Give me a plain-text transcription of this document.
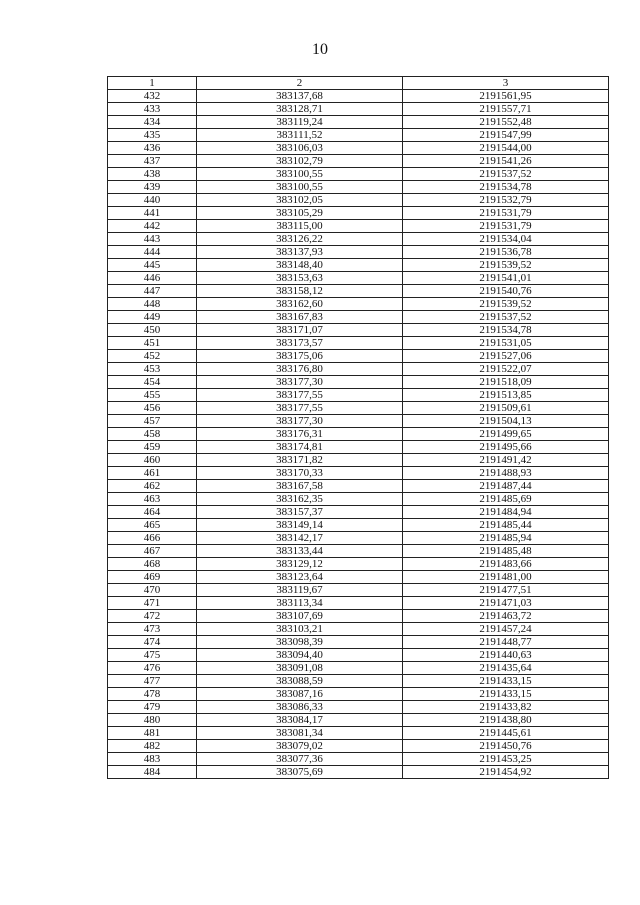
10
1	2	3
432	383137,68	2191561,95
433	383128,71	2191557,71
434	383119,24	2191552,48
435	383111,52	2191547,99
436	383106,03	2191544,00
437	383102,79	2191541,26
438	383100,55	2191537,52
439	383100,55	2191534,78
440	383102,05	2191532,79
441	383105,29	2191531,79
442	383115,00	2191531,79
443	383126,22	2191534,04
444	383137,93	2191536,78
445	383148,40	2191539,52
446	383153,63	2191541,01
447	383158,12	2191540,76
448	383162,60	2191539,52
449	383167,83	2191537,52
450	383171,07	2191534,78
451	383173,57	2191531,05
452	383175,06	2191527,06
453	383176,80	2191522,07
454	383177,30	2191518,09
455	383177,55	2191513,85
456	383177,55	2191509,61
457	383177,30	2191504,13
458	383176,31	2191499,65
459	383174,81	2191495,66
460	383171,82	2191491,42
461	383170,33	2191488,93
462	383167,58	2191487,44
463	383162,35	2191485,69
464	383157,37	2191484,94
465	383149,14	2191485,44
466	383142,17	2191485,94
467	383133,44	2191485,48
468	383129,12	2191483,66
469	383123,64	2191481,00
470	383119,67	2191477,51
471	383113,34	2191471,03
472	383107,69	2191463,72
473	383103,21	2191457,24
474	383098,39	2191448,77
475	383094,40	2191440,63
476	383091,08	2191435,64
477	383088,59	2191433,15
478	383087,16	2191433,15
479	383086,33	2191433,82
480	383084,17	2191438,80
481	383081,34	2191445,61
482	383079,02	2191450,76
483	383077,36	2191453,25
484	383075,69	2191454,92
